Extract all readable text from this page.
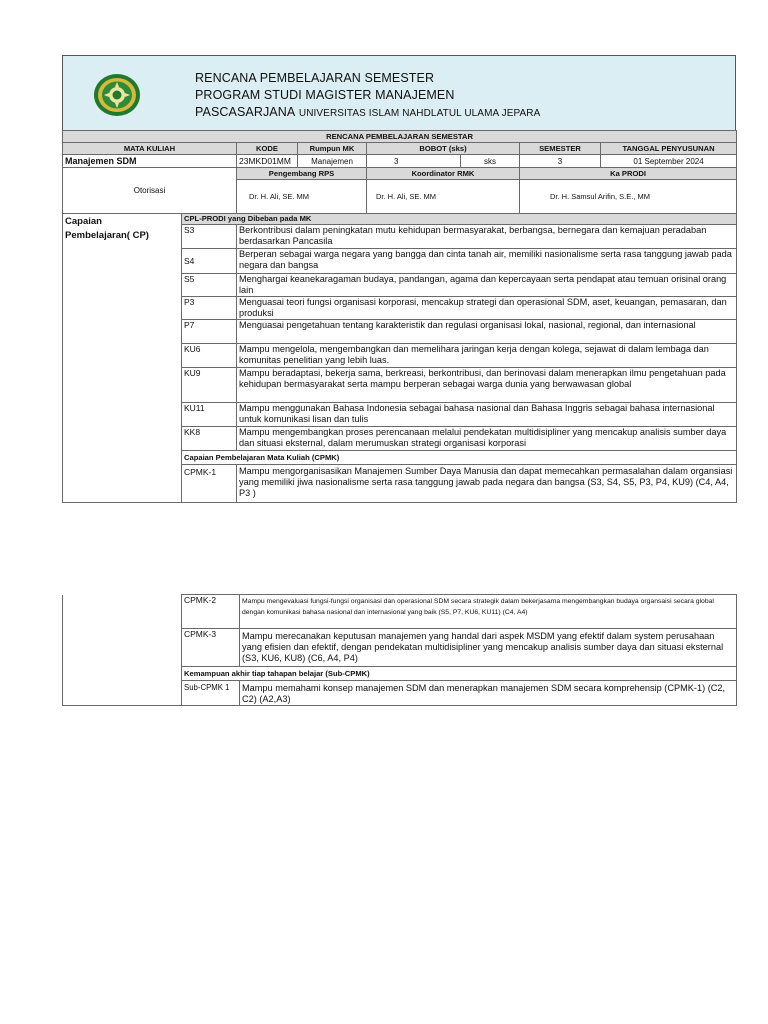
RENCANA PEMBELAJARAN SEMESTER
PROGRAM STUDI MAGISTER MANAJEMEN
PASCASARJANA UNIVERSITAS ISLAM NAHDLATUL ULAMA JEPARA
RENCANA PEMBELAJARAN SEMESTAR							
MATA KULIAH		KODE	Rumpun MK	BOBOT (sks)		SEMESTER	TANGGAL PENYUSUNAN
Manajemen SDM		23MKD01MM	Manajemen	3	sks	3	01 September 2024
Otorisasi		Pengembang RPS		Koordinator RMK		Ka PRODI	
		Dr. H. Ali, SE. MM		Dr. H. Ali, SE. MM		Dr. H. Samsul Arifin, S.E., MM	
Capaian Pembelajaran( CP)	CPL-PRODI yang Dibeban pada MK						
	S3	Berkontribusi dalam peningkatan mutu kehidupan bermasyarakat, berbangsa, bernegara dan kemajuan peradaban berdasarkan Pancasila					
	S4	Berperan sebagai warga negara yang bangga dan cinta tanah air, memiliki nasionalisme serta rasa tanggung jawab pada negara dan bangsa					
	S5	Menghargai keanekaragaman budaya, pandangan, agama dan kepercayaan serta pendapat atau temuan orisinal orang lain					
	P3	Menguasai teori fungsi organisasi korporasi, mencakup strategi dan operasional SDM, aset, keuangan, pemasaran, dan produksi					
	P7	Menguasai pengetahuan tentang karakteristik dan regulasi organisasi lokal, nasional, regional, dan internasional					
	KU6	Mampu mengelola, mengembangkan dan memelihara jaringan kerja dengan kolega, sejawat di dalam lembaga dan komunitas penelitian yang lebih luas.					
	KU9	Mampu beradaptasi, bekerja sama, berkreasi, berkontribusi, dan berinovasi dalam menerapkan ilmu pengetahuan pada kehidupan bermasyarakat serta mampu berperan sebagai warga dunia yang berwawasan global					
	KU11	Mampu menggunakan Bahasa Indonesia sebagai bahasa nasional dan Bahasa Inggris sebagai bahasa internasional untuk komunikasi lisan dan tulis					
	KK8	Mampu mengembangkan proses perencanaan melalui pendekatan multidisipliner yang mencakup analisis sumber daya dan situasi eksternal, dalam merumuskan strategi organisasi korporasi					
	Capaian Pembelajaran Mata Kuliah (CPMK)						
	CPMK-1	Mampu mengorganisasikan Manajemen Sumber Daya Manusia dan dapat memecahkan permasalahan dalam organsiasi yang memiliki jiwa nasionalisme serta rasa tanggung jawab pada negara dan bangsa (S3, S4, S5, P3, P4, KU9) (C4, A4, P3 )					
	CPMK-2	Mampu mengevaluasi fungsi-fungsi organisasi dan operasional SDM secara strategik dalam bekerjasama mengembangkan budaya organsaisi secara global dengan komunikasi bahasa nasional dan internasional yang baik (S5, P7, KU6, KU11) (C4, A4)
	CPMK-3	Mampu merecanakan keputusan manajemen yang handal dari aspek MSDM yang efektif dalam system perusahaan yang efisien dan efektif, dengan pendekatan multidisipliner yang mencakup analisis sumber daya dan situasi eksternal (S3, KU6, KU8) (C6, A4, P4)
	Kemampuan akhir tiap tahapan belajar (Sub-CPMK)	
	Sub-CPMK 1	Mampu memahami konsep manajemen SDM dan menerapkan manajemen SDM secara komprehensip (CPMK-1) (C2, C2) (A2,A3)
